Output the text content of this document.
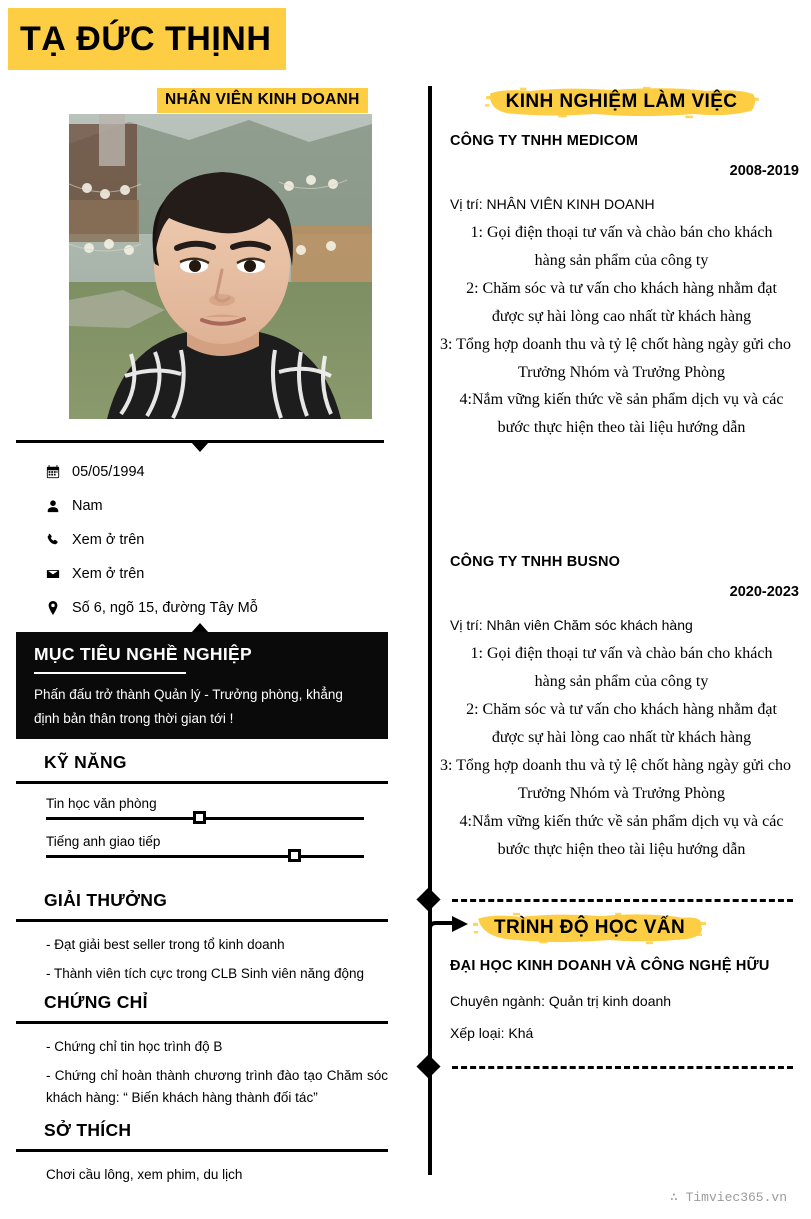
TẠ ĐỨC THỊNH
NHÂN VIÊN KINH DOANH
05/05/1994
Nam
Xem ở trên
Xem ở trên
Số 6, ngõ 15, đường Tây Mỗ
MỤC TIÊU NGHỀ NGHIỆP
Phấn đấu trở thành Quản lý - Trưởng phòng, khẳng định bản thân trong thời gian tới !
KỸ NĂNG
Tin học văn phòng
Tiếng anh giao tiếp
GIẢI THƯỞNG
- Đạt giải best seller trong tổ kinh doanh
- Thành viên tích cực trong CLB Sinh viên năng động
CHỨNG CHỈ
- Chứng chỉ tin học trình độ B
- Chứng chỉ hoàn thành chương trình đào tạo Chăm sóc khách hàng: “ Biến khách hàng thành đối tác”
SỞ THÍCH
Chơi cầu lông, xem phim, du lịch
KINH NGHIỆM LÀM VIỆC
CÔNG TY TNHH MEDICOM
2008-2019
Vị trí: NHÂN VIÊN KINH DOANH
1: Gọi điện thoại tư vấn và chào bán cho khách
hàng sản phẩm của công ty
2: Chăm sóc và tư vấn cho khách hàng nhằm đạt
được sự hài lòng cao nhất từ khách hàng
3: Tổng hợp doanh thu và tỷ lệ chốt hàng ngày gửi cho
Trưởng Nhóm và Trưởng Phòng
4:Nắm vững kiến thức về sản phẩm dịch vụ và các
bước thực hiện theo tài liệu hướng dẫn
CÔNG TY TNHH BUSNO
2020-2023
Vị trí: Nhân viên Chăm sóc khách hàng
1: Gọi điện thoại tư vấn và chào bán cho khách
hàng sản phẩm của công ty
2: Chăm sóc và tư vấn cho khách hàng nhằm đạt
được sự hài lòng cao nhất từ khách hàng
3: Tổng hợp doanh thu và tỷ lệ chốt hàng ngày gửi cho
Trưởng Nhóm và Trưởng Phòng
4:Nắm vững kiến thức về sản phẩm dịch vụ và các
bước thực hiện theo tài liệu hướng dẫn
TRÌNH ĐỘ HỌC VẤN
ĐẠI HỌC KINH DOANH VÀ CÔNG NGHỆ HỮU
Chuyên ngành: Quản trị kinh doanh
Xếp loại: Khá
∴ Timviec365.vn
